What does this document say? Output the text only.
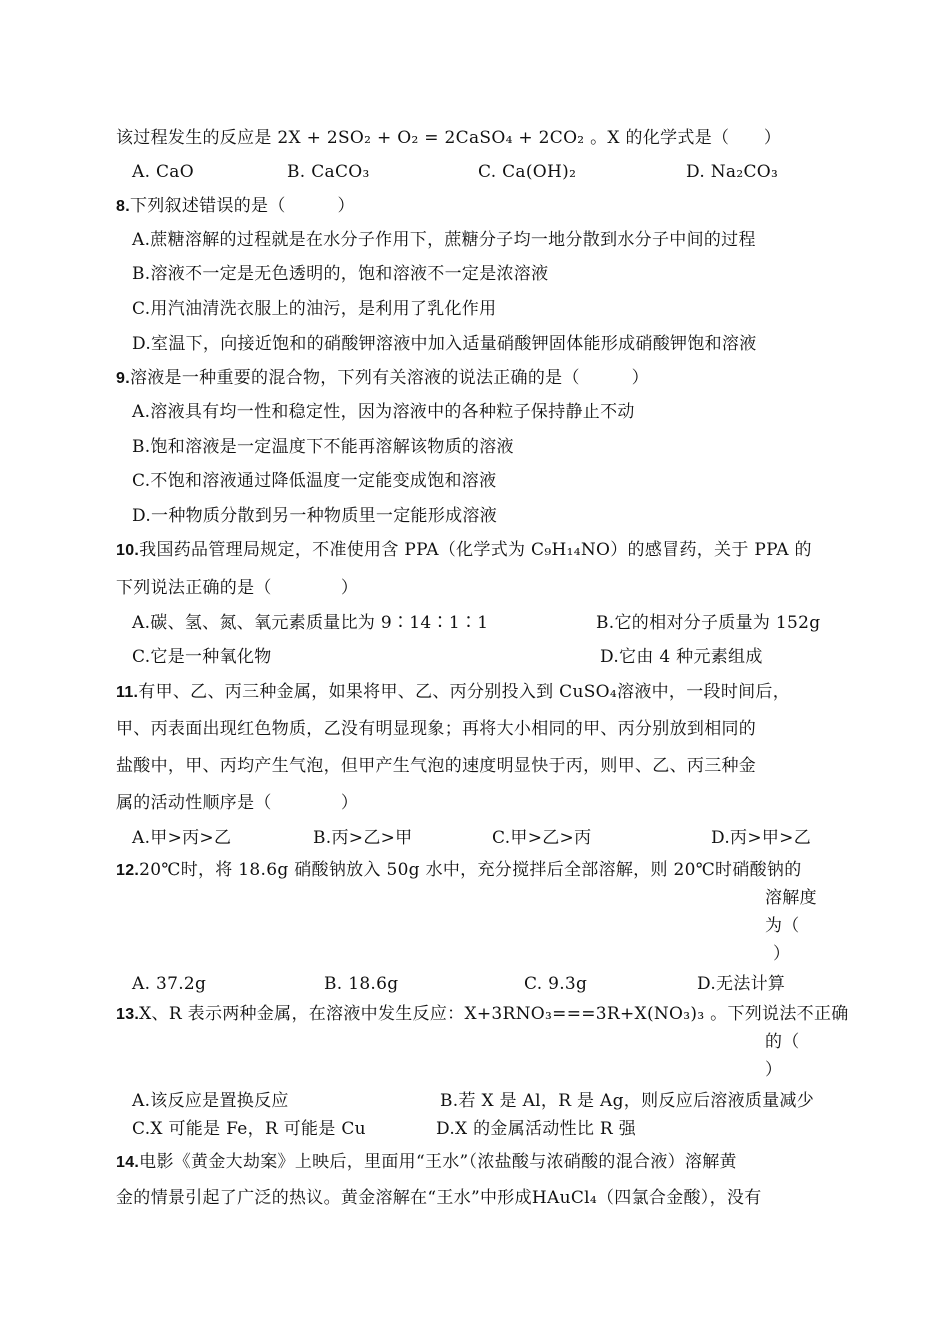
该过程发生的反应是 2X + 2SO₂ + O₂ = 2CaSO₄ + 2CO₂ 。X 的化学式是（　　）
A. CaO	B. CaCO₃	C. Ca(OH)₂	D. Na₂CO₃
8.下列叙述错误的是（　　　）
A.蔗糖溶解的过程就是在水分子作用下，蔗糖分子均一地分散到水分子中间的过程
B.溶液不一定是无色透明的，饱和溶液不一定是浓溶液
C.用汽油清洗衣服上的油污，是利用了乳化作用
D.室温下，向接近饱和的硝酸钾溶液中加入适量硝酸钾固体能形成硝酸钾饱和溶液
9.溶液是一种重要的混合物，下列有关溶液的说法正确的是（　　　）
A.溶液具有均一性和稳定性，因为溶液中的各种粒子保持静止不动
B.饱和溶液是一定温度下不能再溶解该物质的溶液
C.不饱和溶液通过降低温度一定能变成饱和溶液
D.一种物质分散到另一种物质里一定能形成溶液
10.我国药品管理局规定，不准使用含 PPA（化学式为 C₉H₁₄NO）的感冒药，关于 PPA 的
下列说法正确的是（　　　　）
A.碳、氢、氮、氧元素质量比为 9∶14∶1∶1	B.它的相对分子质量为 152g
C.它是一种氧化物	D.它由 4 种元素组成
11.有甲、乙、丙三种金属，如果将甲、乙、丙分别投入到 CuSO₄溶液中，一段时间后，
甲、丙表面出现红色物质，乙没有明显现象；再将大小相同的甲、丙分别放到相同的
盐酸中，甲、丙均产生气泡，但甲产生气泡的速度明显快于丙，则甲、乙、丙三种金
属的活动性顺序是（　　　　）
A.甲>丙>乙	B.丙>乙>甲	C.甲>乙>丙	D.丙>甲>乙
12.20℃时，将 18.6g 硝酸钠放入 50g 水中，充分搅拌后全部溶解，则 20℃时硝酸钠的
溶解度
为（
）
A. 37.2g	B. 18.6g	C. 9.3g	D.无法计算
13.X、R 表示两种金属，在溶液中发生反应：X+3RNO₃===3R+X(NO₃)₃ 。下列说法不正确
的（
）
A.该反应是置换反应	B.若 X 是 Al，R 是 Ag，则反应后溶液质量减少
C.X 可能是 Fe，R 可能是 Cu	D.X 的金属活动性比 R 强
14.电影《黄金大劫案》上映后，里面用“王水”（浓盐酸与浓硝酸的混合液）溶解黄
金的情景引起了广泛的热议。黄金溶解在“王水”中形成HAuCl₄（四氯合金酸），没有
